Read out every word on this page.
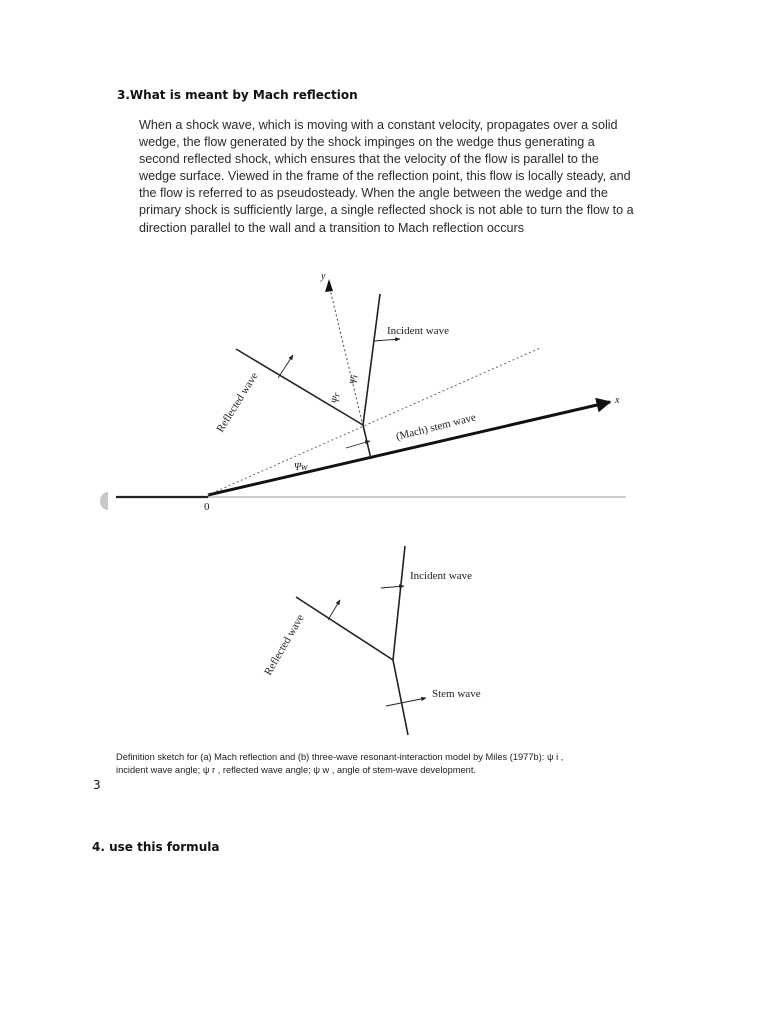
3.What is meant by Mach reflection
When a shock wave, which is moving with a constant velocity, propagates over a solid
wedge, the flow generated by the shock impinges on the wedge thus generating a
second reflected shock, which ensures that the velocity of the flow is parallel to the
wedge surface. Viewed in the frame of the reflection point, this flow is locally steady, and
the flow is referred to as pseudosteady. When the angle between the wedge and the
primary shock is sufficiently large, a single reflected shock is not able to turn the flow to a
direction parallel to the wall and a transition to Mach reflection occurs
y
x
0
Incident wave
Reflected wave	(Mach) stem wave
Ψi
Ψr
Ψw
Incident wave
Reflected wave
Stem wave
Definition sketch for (a) Mach reflection and (b) three-wave resonant-interaction model by Miles (1977b): ψ i ,
incident wave angle; ψ r , reflected wave angle; ψ w , angle of stem-wave development.
3
4. use this formula
